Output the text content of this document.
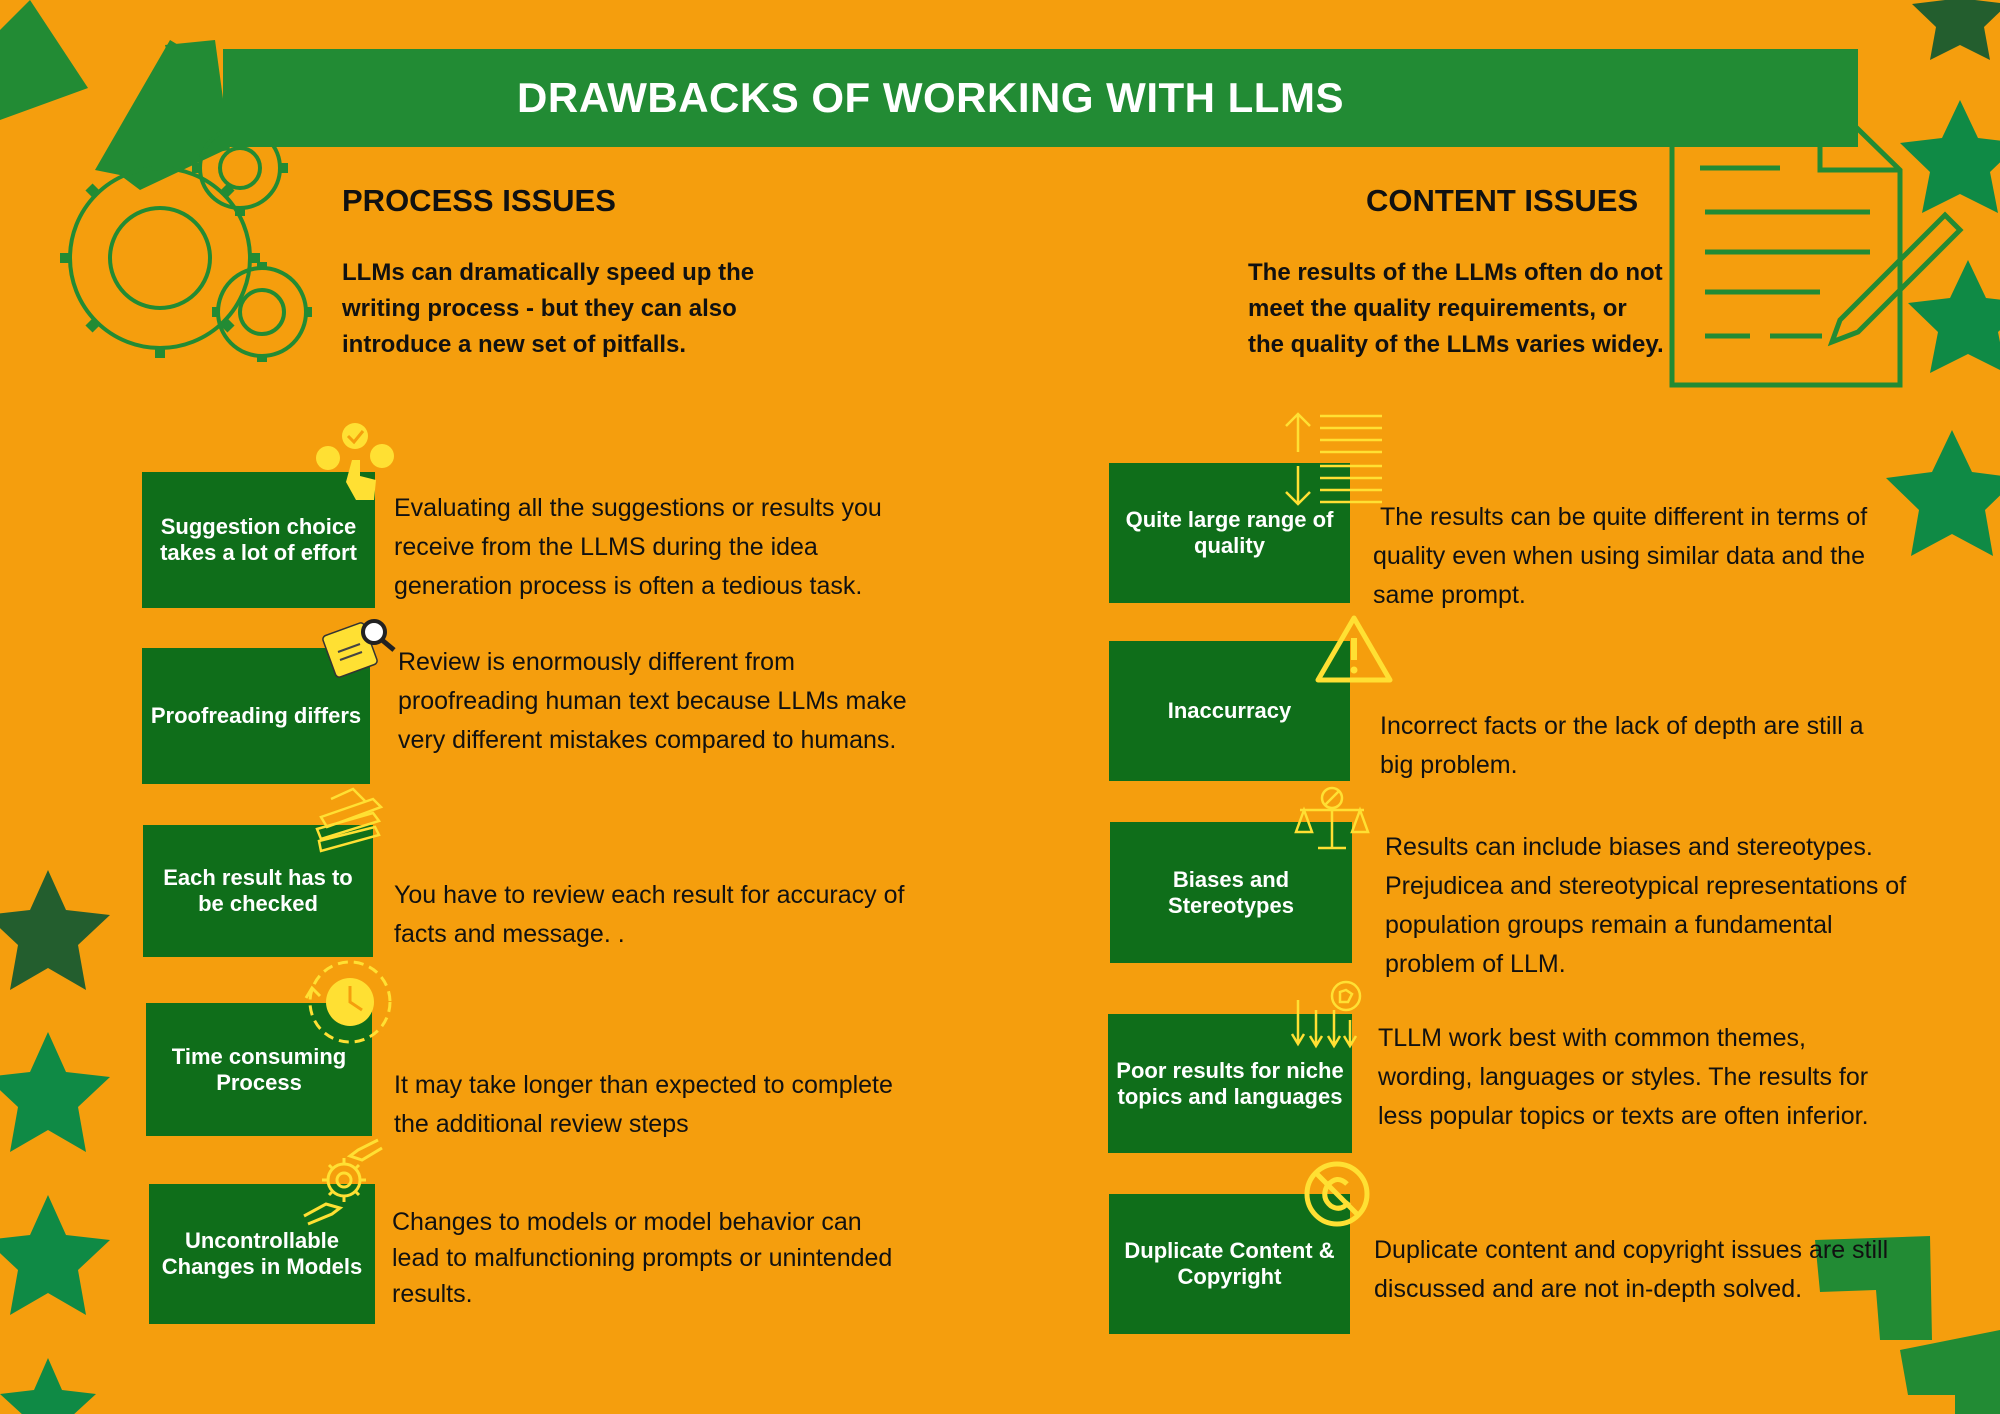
DRAWBACKS OF WORKING WITH LLMS
PROCESS ISSUES	CONTENT ISSUES
LLMs can dramatically speed up the writing process - but they can also introduce a new set of pitfalls.
The results of the LLMs often do not meet the quality requirements, or the quality of the LLMs varies widey.
Suggestion choice takes a lot of effort
Evaluating all the suggestions or results you receive from the LLMS during the idea generation process is often a tedious task.
Proofreading differs
Review is enormously different from proofreading human text because LLMs make very different mistakes compared to humans.
Each result has to be checked	You have to review each result for accuracy of facts and message. .
Time consuming Process	It may take longer than expected to complete the additional review steps
Uncontrollable Changes in Models
Changes to models or model behavior can lead to malfunctioning prompts or unintended results.
Quite large range of quality
The results can be quite different in terms of quality even when using similar data and the same prompt.
Inaccurracy
Incorrect facts or the lack of depth are still a big problem.
Biases and Stereotypes
Results can include biases and stereotypes. Prejudicea and stereotypical representations of population groups remain a fundamental problem of LLM.
Poor results for niche topics and languages
TLLM work best with common themes, wording, languages or styles. The results for less popular topics or texts are often inferior.
Duplicate Content & Copyright
Duplicate content and copyright issues are still discussed and are not in-depth solved.
